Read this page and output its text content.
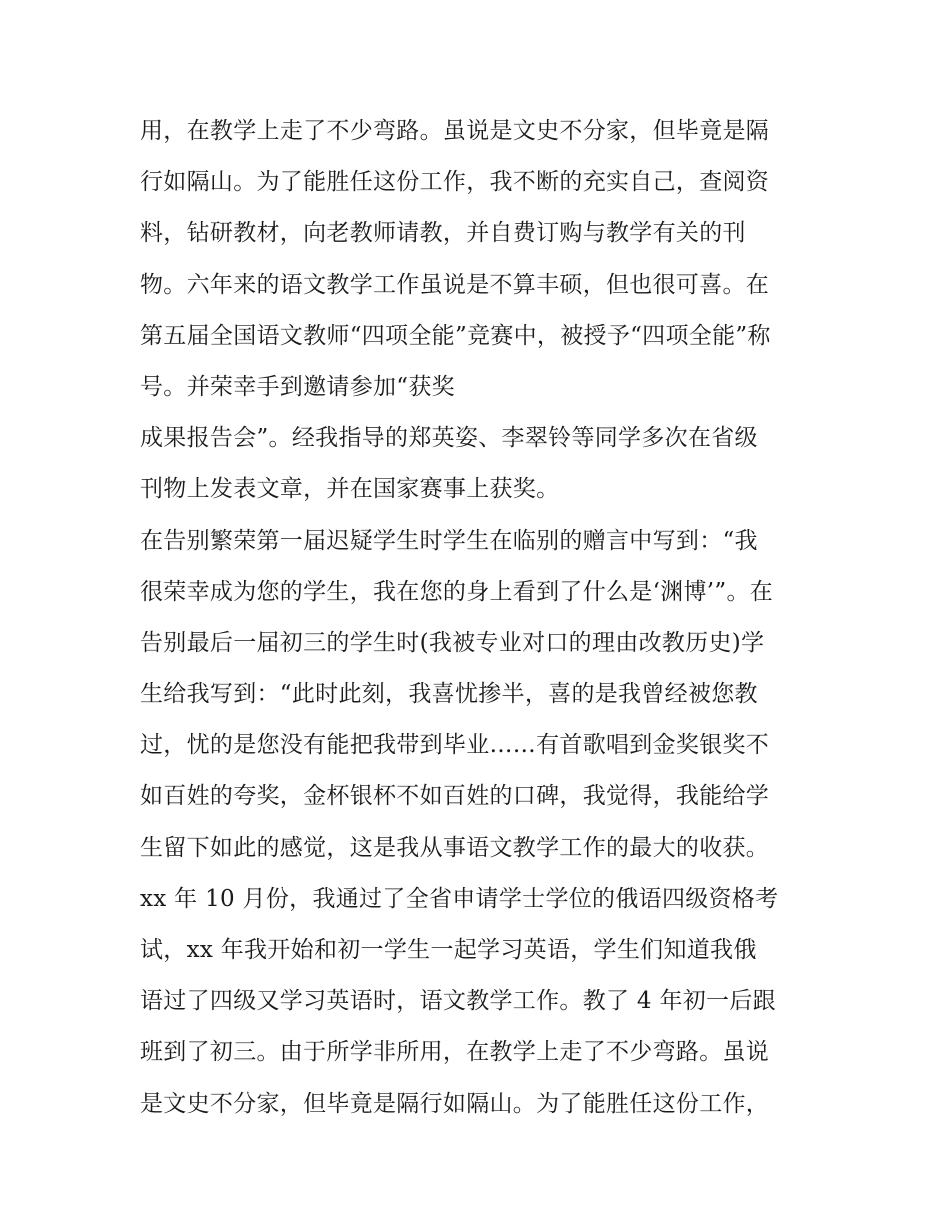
用，在教学上走了不少弯路。虽说是文史不分家，但毕竟是隔
行如隔山。为了能胜任这份工作，我不断的充实自己，查阅资
料，钻研教材，向老教师请教，并自费订购与教学有关的刊
物。六年来的语文教学工作虽说是不算丰硕，但也很可喜。在
第五届全国语文教师“四项全能”竞赛中，被授予“四项全能”称
号。并荣幸手到邀请参加“获奖
成果报告会”。经我指导的郑英姿、李翠铃等同学多次在省级
刊物上发表文章，并在国家赛事上获奖。
在告别繁荣第一届迟疑学生时学生在临别的赠言中写到：“我
很荣幸成为您的学生，我在您的身上看到了什么是‘渊博’”。在
告别最后一届初三的学生时(我被专业对口的理由改教历史)学
生给我写到：“此时此刻，我喜忧掺半，喜的是我曾经被您教
过，忧的是您没有能把我带到毕业……有首歌唱到金奖银奖不
如百姓的夸奖，金杯银杯不如百姓的口碑，我觉得，我能给学
生留下如此的感觉，这是我从事语文教学工作的最大的收获。
xx 年 10 月份，我通过了全省申请学士学位的俄语四级资格考
试，xx 年我开始和初一学生一起学习英语，学生们知道我俄
语过了四级又学习英语时，语文教学工作。教了 4 年初一后跟
班到了初三。由于所学非所用，在教学上走了不少弯路。虽说
是文史不分家，但毕竟是隔行如隔山。为了能胜任这份工作，
